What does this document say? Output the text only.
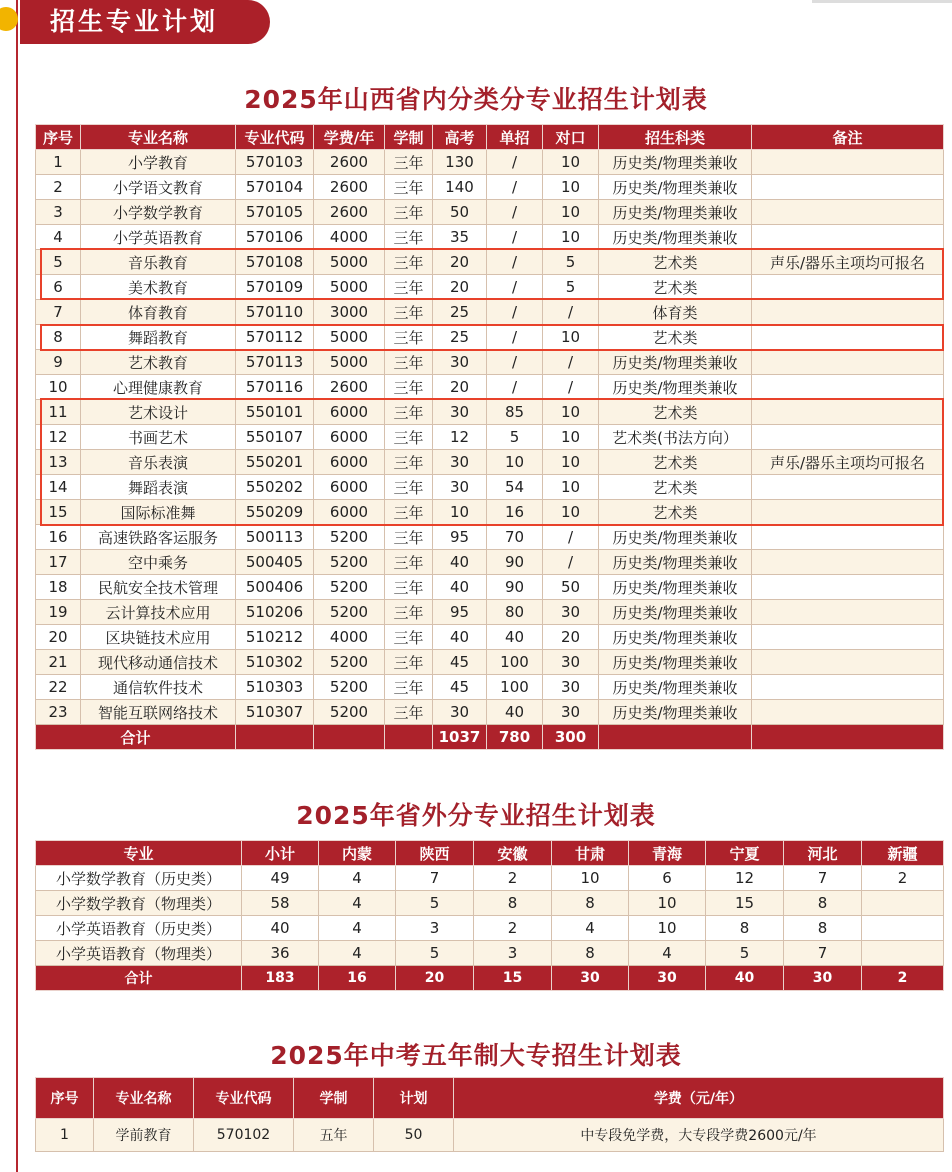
招生专业计划
2025年山西省内分类分专业招生计划表
序号	专业名称	专业代码	学费/年	学制	高考	单招	对口	招生科类	备注
1	小学教育	570103	2600	三年	130	/	10	历史类/物理类兼收	
2	小学语文教育	570104	2600	三年	140	/	10	历史类/物理类兼收	
3	小学数学教育	570105	2600	三年	50	/	10	历史类/物理类兼收	
4	小学英语教育	570106	4000	三年	35	/	10	历史类/物理类兼收	
5	音乐教育	570108	5000	三年	20	/	5	艺术类	声乐/器乐主项均可报名
6	美术教育	570109	5000	三年	20	/	5	艺术类	
7	体育教育	570110	3000	三年	25	/	/	体育类	
8	舞蹈教育	570112	5000	三年	25	/	10	艺术类	
9	艺术教育	570113	5000	三年	30	/	/	历史类/物理类兼收	
10	心理健康教育	570116	2600	三年	20	/	/	历史类/物理类兼收	
11	艺术设计	550101	6000	三年	30	85	10	艺术类	
12	书画艺术	550107	6000	三年	12	5	10	艺术类(书法方向）	
13	音乐表演	550201	6000	三年	30	10	10	艺术类	声乐/器乐主项均可报名
14	舞蹈表演	550202	6000	三年	30	54	10	艺术类	
15	国际标准舞	550209	6000	三年	10	16	10	艺术类	
16	高速铁路客运服务	500113	5200	三年	95	70	/	历史类/物理类兼收	
17	空中乘务	500405	5200	三年	40	90	/	历史类/物理类兼收	
18	民航安全技术管理	500406	5200	三年	40	90	50	历史类/物理类兼收	
19	云计算技术应用	510206	5200	三年	95	80	30	历史类/物理类兼收	
20	区块链技术应用	510212	4000	三年	40	40	20	历史类/物理类兼收	
21	现代移动通信技术	510302	5200	三年	45	100	30	历史类/物理类兼收	
22	通信软件技术	510303	5200	三年	45	100	30	历史类/物理类兼收	
23	智能互联网络技术	510307	5200	三年	30	40	30	历史类/物理类兼收	
合计					1037	780	300		
2025年省外分专业招生计划表
专业	小计	内蒙	陕西	安徽	甘肃	青海	宁夏	河北	新疆
小学数学教育（历史类）	49	4	7	2	10	6	12	7	2
小学数学教育（物理类）	58	4	5	8	8	10	15	8	
小学英语教育（历史类）	40	4	3	2	4	10	8	8	
小学英语教育（物理类）	36	4	5	3	8	4	5	7	
合计	183	16	20	15	30	30	40	30	2
2025年中考五年制大专招生计划表
序号	专业名称	专业代码	学制	计划	学费（元/年）
1	学前教育	570102	五年	50	中专段免学费，大专段学费2600元/年
